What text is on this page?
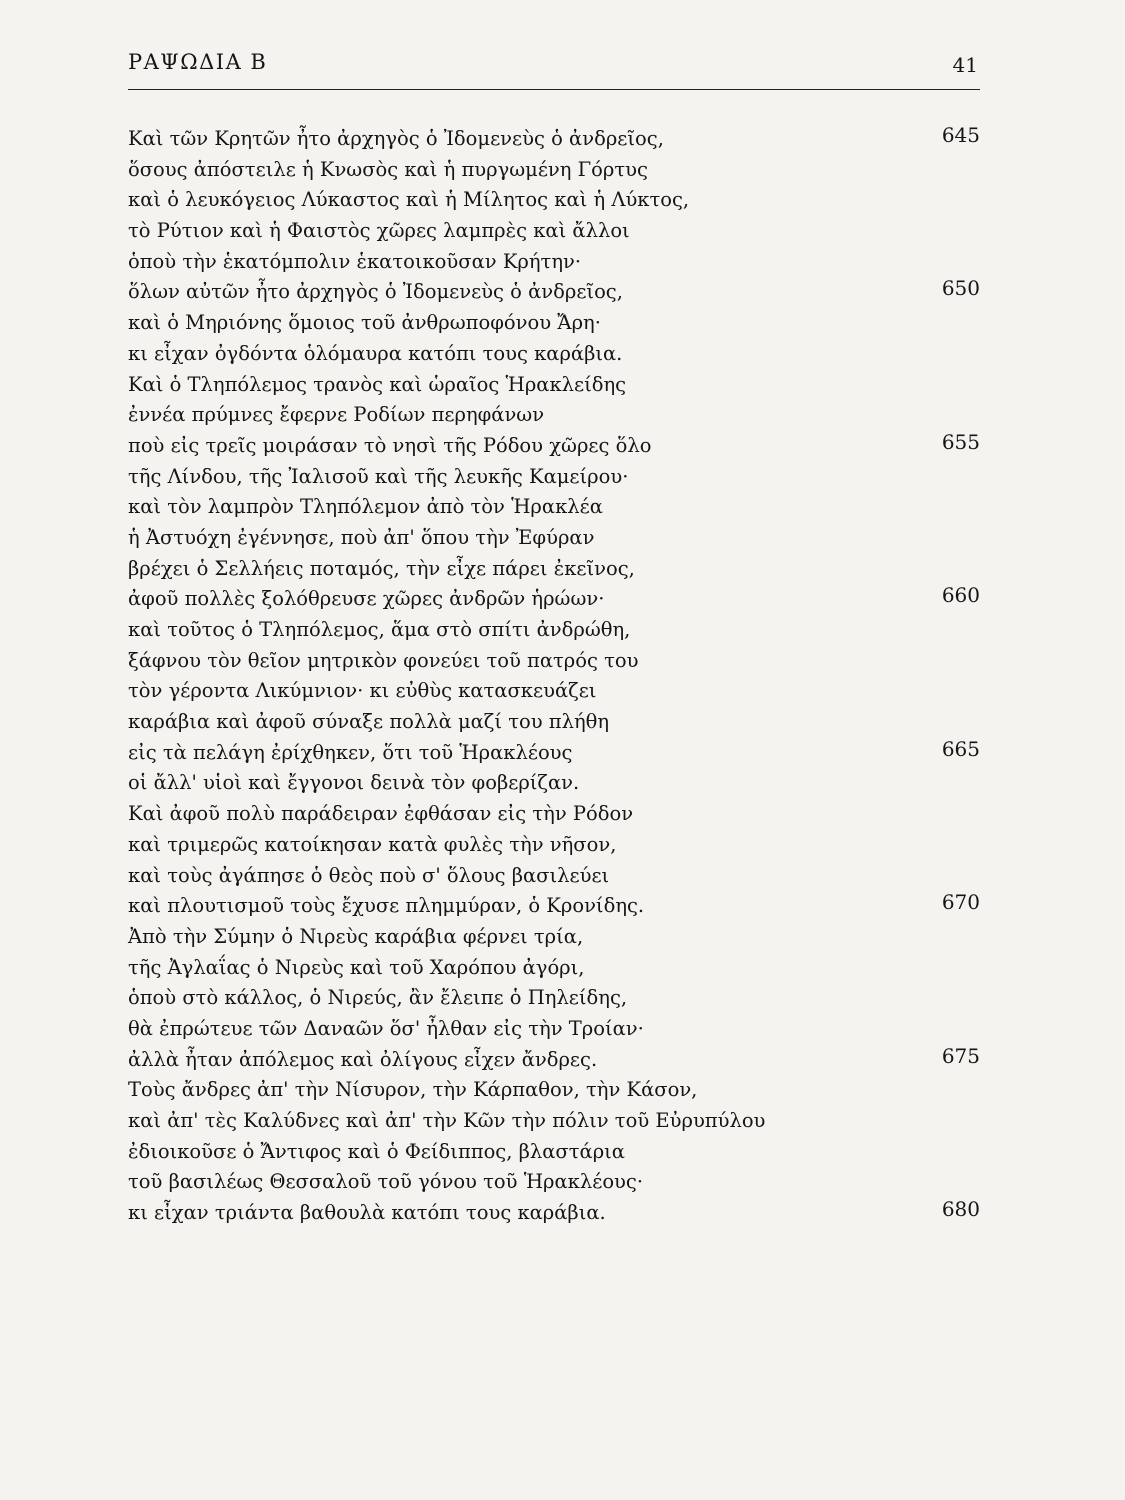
ΡΑΨΩΔΙΑ Β	41
Καὶ τῶν Κρητῶν ἦτο ἀρχηγὸς ὁ Ἰδομενεὺς ὁ ἀνδρεῖος,	645
ὅσους ἀπόστειλε ἡ Κνωσὸς καὶ ἡ πυργωμένη Γόρτυς
καὶ ὁ λευκόγειος Λύκαστος καὶ ἡ Μίλητος καὶ ἡ Λύκτος,
τὸ Ρύτιον καὶ ἡ Φαιστὸς χῶρες λαμπρὲς καὶ ἄλλοι
ὁποὺ τὴν ἑκατόμπολιν ἑκατοικοῦσαν Κρήτην·
ὅλων αὐτῶν ἦτο ἀρχηγὸς ὁ Ἰδομενεὺς ὁ ἀνδρεῖος,	650
καὶ ὁ Μηριόνης ὅμοιος τοῦ ἀνθρωποφόνου Ἄρη·
κι εἶχαν ὀγδόντα ὁλόμαυρα κατόπι τους καράβια.
Καὶ ὁ Τληπόλεμος τρανὸς καὶ ὡραῖος Ἡρακλείδης
ἐννέα πρύμνες ἔφερνε Ροδίων περηφάνων
ποὺ εἰς τρεῖς μοιράσαν τὸ νησὶ τῆς Ρόδου χῶρες ὅλο	655
τῆς Λίνδου, τῆς Ἰαλισοῦ καὶ τῆς λευκῆς Καμείρου·
καὶ τὸν λαμπρὸν Τληπόλεμον ἀπὸ τὸν Ἡρακλέα
ἡ Ἀστυόχη ἐγέννησε, ποὺ ἀπ' ὅπου τὴν Ἐφύραν
βρέχει ὁ Σελλήεις ποταμός, τὴν εἶχε πάρει ἐκεῖνος,
ἀφοῦ πολλὲς ξολόθρευσε χῶρες ἀνδρῶν ἡρώων·	660
καὶ τοῦτος ὁ Τληπόλεμος, ἅμα στὸ σπίτι ἀνδρώθη,
ξάφνου τὸν θεῖον μητρικὸν φονεύει τοῦ πατρός του
τὸν γέροντα Λικύμνιον· κι εὐθὺς κατασκευάζει
καράβια καὶ ἀφοῦ σύναξε πολλὰ μαζί του πλήθη
εἰς τὰ πελάγη ἐρίχθηκεν, ὅτι τοῦ Ἡρακλέους	665
οἱ ἄλλ' υἱοὶ καὶ ἔγγονοι δεινὰ τὸν φοβερίζαν.
Καὶ ἀφοῦ πολὺ παράδειραν ἐφθάσαν εἰς τὴν Ρόδον
καὶ τριμερῶς κατοίκησαν κατὰ φυλὲς τὴν νῆσον,
καὶ τοὺς ἀγάπησε ὁ θεὸς ποὺ σ' ὅλους βασιλεύει
καὶ πλουτισμοῦ τοὺς ἔχυσε πλημμύραν, ὁ Κρονίδης.	670
Ἀπὸ τὴν Σύμην ὁ Νιρεὺς καράβια φέρνει τρία,
τῆς Ἀγλαΐας ὁ Νιρεὺς καὶ τοῦ Χαρόπου ἀγόρι,
ὁποὺ στὸ κάλλος, ὁ Νιρεύς, ἂν ἔλειπε ὁ Πηλείδης,
θὰ ἐπρώτευε τῶν Δαναῶν ὅσ' ἦλθαν εἰς τὴν Τροίαν·
ἀλλὰ ἦταν ἀπόλεμος καὶ ὀλίγους εἶχεν ἄνδρες.	675
Τοὺς ἄνδρες ἀπ' τὴν Νίσυρον, τὴν Κάρπαθον, τὴν Κάσον,
καὶ ἀπ' τὲς Καλύδνες καὶ ἀπ' τὴν Κῶν τὴν πόλιν τοῦ Εὐρυπύλου
ἐδιοικοῦσε ὁ Ἄντιφος καὶ ὁ Φείδιππος, βλαστάρια
τοῦ βασιλέως Θεσσαλοῦ τοῦ γόνου τοῦ Ἡρακλέους·
κι εἶχαν τριάντα βαθουλὰ κατόπι τους καράβια.	680
